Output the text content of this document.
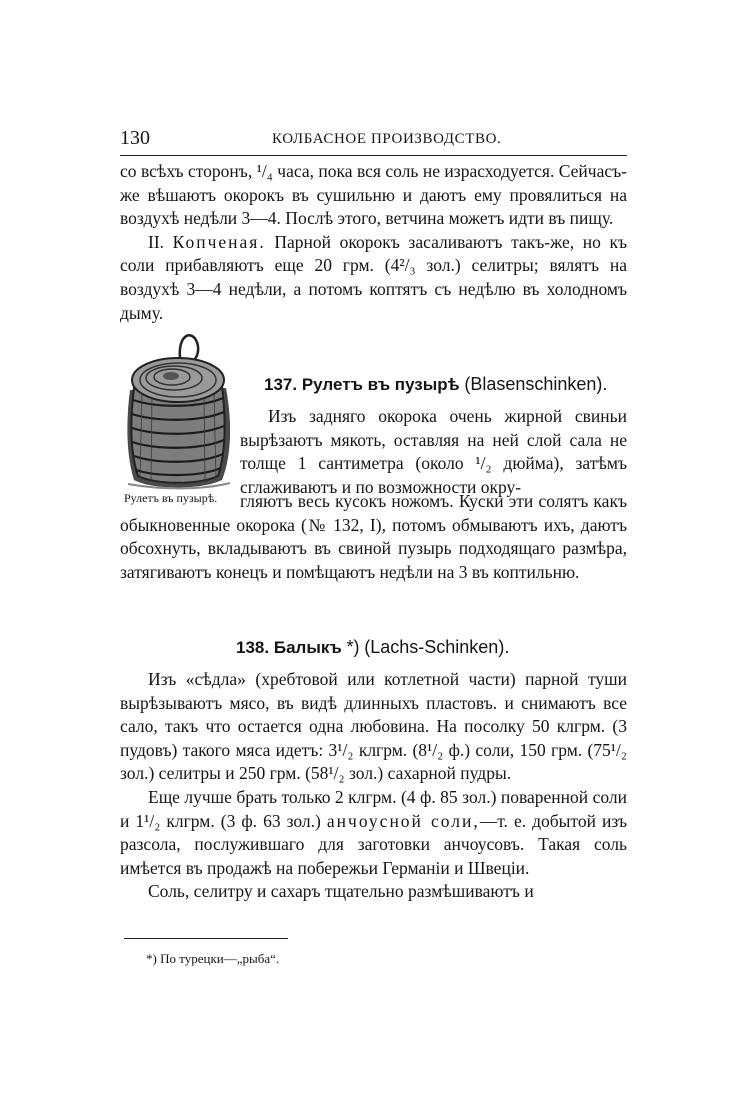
130	КОЛБАСНОЕ ПРОИЗВОДСТВО.

со всѣхъ сторонъ, ¹/₄ часа, пока вся соль не израсходуется. Сейчасъ-же вѣшаютъ окорокъ въ сушильню и даютъ ему провялиться на воздухѣ недѣли 3—4. Послѣ этого, ветчина можетъ идти въ пищу.

II. Копченая. Парной окорокъ засаливаютъ такъ-же, но къ соли прибавляютъ еще 20 грм. (4²/₃ зол.) селитры; вялятъ на воздухѣ 3—4 недѣли, а потомъ коптятъ съ недѣлю въ холодномъ дыму.

Рулетъ въ пузырѣ.
137. Рулетъ въ пузырѣ (Blasenschinken).

Изъ задняго окорока очень жирной свиньи вырѣзаютъ мякоть, оставляя на ней слой сала не толще 1 сантиметра (около ¹/₂ дюйма), затѣмъ сглаживаютъ и по возможности окру-

гляютъ весь кусокъ ножомъ. Куски эти солятъ какъ обыкновенные окорока (№ 132, I), потомъ обмываютъ ихъ, даютъ обсохнуть, вкладываютъ въ свиной пузырь подходящаго размѣра, затягиваютъ конецъ и помѣщаютъ недѣли на 3 въ коптильню.

138. Балыкъ *) (Lachs-Schinken).

Изъ «сѣдла» (хребтовой или котлетной части) парной туши вырѣзываютъ мясо, въ видѣ длинныхъ пластовъ. и снимаютъ все сало, такъ что остается одна любовина. На посолку 50 клгрм. (3 пудовъ) такого мяса идетъ: 3¹/₂ клгрм. (8¹/₂ ф.) соли, 150 грм. (75¹/₂ зол.) селитры и 250 грм. (58¹/₂ зол.) сахарной пудры.

Еще лучше брать только 2 клгрм. (4 ф. 85 зол.) поваренной соли и 1¹/₂ клгрм. (3 ф. 63 зол.) анчоусной соли,—т. е. добытой изъ разсола, послужившаго для заготовки анчоусовъ. Такая соль имѣется въ продажѣ на побережьи Германiи и Швецiи.

Соль, селитру и сахаръ тщательно размѣшиваютъ и

*) По турецки—„рыба“.
